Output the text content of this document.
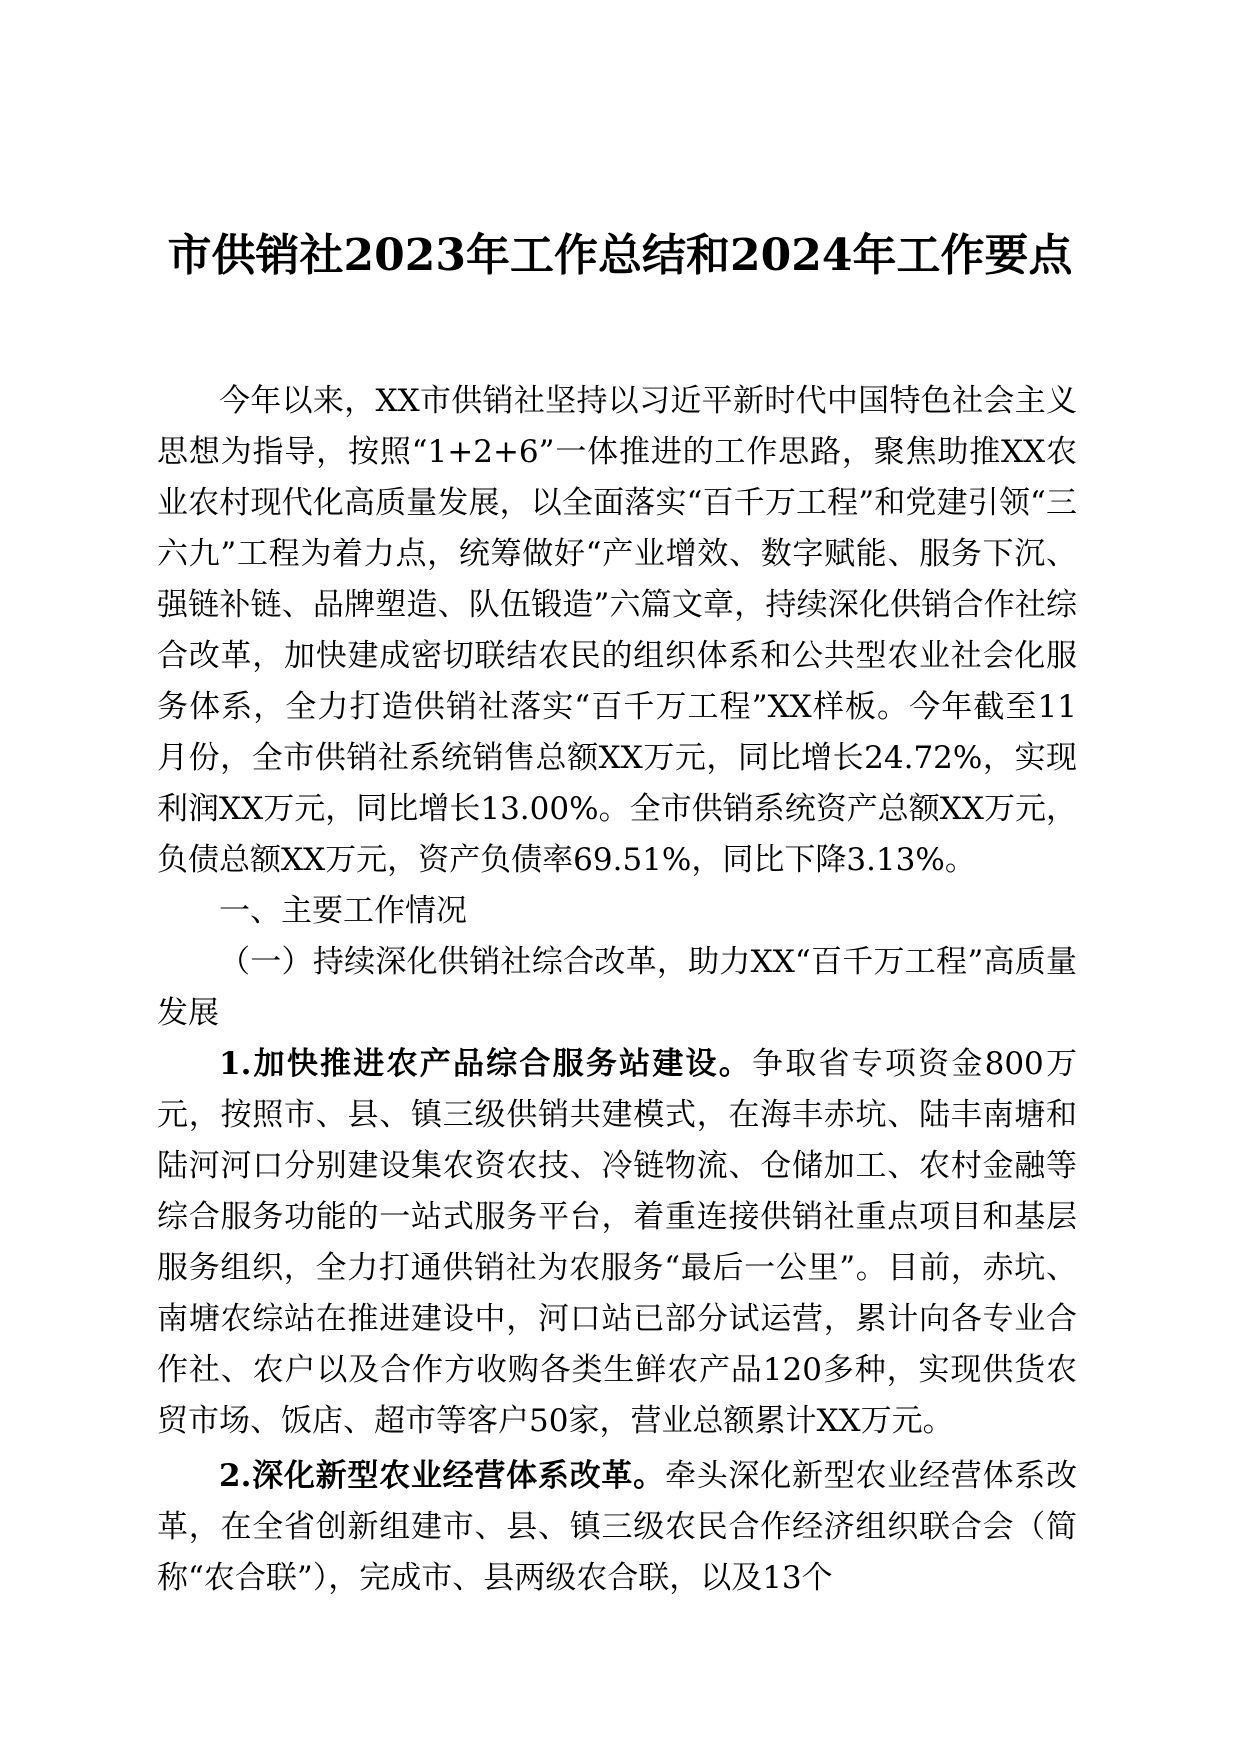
市供销社2023年工作总结和2024年工作要点

今年以来，XX市供销社坚持以习近平新时代中国特色社会主义思想为指导，按照“1+2+6”一体推进的工作思路，聚焦助推XX农业农村现代化高质量发展，以全面落实“百千万工程”和党建引领“三六九”工程为着力点，统筹做好“产业增效、数字赋能、服务下沉、强链补链、品牌塑造、队伍锻造”六篇文章，持续深化供销合作社综合改革，加快建成密切联结农民的组织体系和公共型农业社会化服务体系，全力打造供销社落实“百千万工程”XX样板。今年截至11月份，全市供销社系统销售总额XX万元，同比增长24.72%，实现利润XX万元，同比增长13.00%。全市供销系统资产总额XX万元，负债总额XX万元，资产负债率69.51%，同比下降3.13%。

一、主要工作情况

（一）持续深化供销社综合改革，助力XX“百千万工程”高质量发展

1.加快推进农产品综合服务站建设。争取省专项资金800万元，按照市、县、镇三级供销共建模式，在海丰赤坑、陆丰南塘和陆河河口分别建设集农资农技、冷链物流、仓储加工、农村金融等综合服务功能的一站式服务平台，着重连接供销社重点项目和基层服务组织，全力打通供销社为农服务“最后一公里”。目前，赤坑、南塘农综站在推进建设中，河口站已部分试运营，累计向各专业合作社、农户以及合作方收购各类生鲜农产品120多种，实现供货农贸市场、饭店、超市等客户50家，营业总额累计XX万元。

2.深化新型农业经营体系改革。牵头深化新型农业经营体系改革，在全省创新组建市、县、镇三级农民合作经济组织联合会（简称“农合联”），完成市、县两级农合联，以及13个
